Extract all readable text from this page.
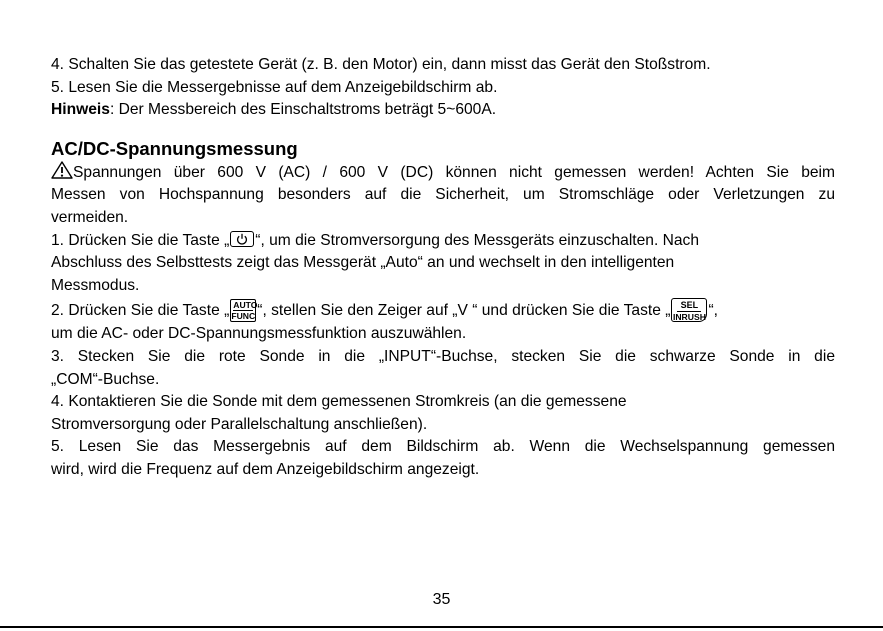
4. Schalten Sie das getestete Gerät (z. B. den Motor) ein, dann misst das Gerät den Stoßstrom.
5. Lesen Sie die Messergebnisse auf dem Anzeigebildschirm ab.
Hinweis: Der Messbereich des Einschaltstroms beträgt 5~600A.
AC/DC-Spannungsmessung
Spannungen über 600 V (AC) / 600 V (DC) können nicht gemessen werden! Achten Sie beim
Messen von Hochspannung besonders auf die Sicherheit, um Stromschläge oder Verletzungen zu
vermeiden.
1. Drücken Sie die Taste „ “, um die Stromversorgung des Messgeräts einzuschalten. Nach
Abschluss des Selbsttests zeigt das Messgerät „Auto“ an und wechselt in den intelligenten
Messmodus.
2. Drücken Sie die Taste „ AUTO
FUNC “, stellen Sie den Zeiger auf „V “ und drücken Sie die Taste „	SEL
INRUSH “,
um die AC- oder DC-Spannungsmessfunktion auszuwählen.
3. Stecken Sie die rote Sonde in die „INPUT“-Buchse, stecken Sie die schwarze Sonde in die
„COM“-Buchse.
4. Kontaktieren Sie die Sonde mit dem gemessenen Stromkreis (an die gemessene
Stromversorgung oder Parallelschaltung anschließen).
5. Lesen Sie das Messergebnis auf dem Bildschirm ab. Wenn die Wechselspannung gemessen
wird, wird die Frequenz auf dem Anzeigebildschirm angezeigt.
35
